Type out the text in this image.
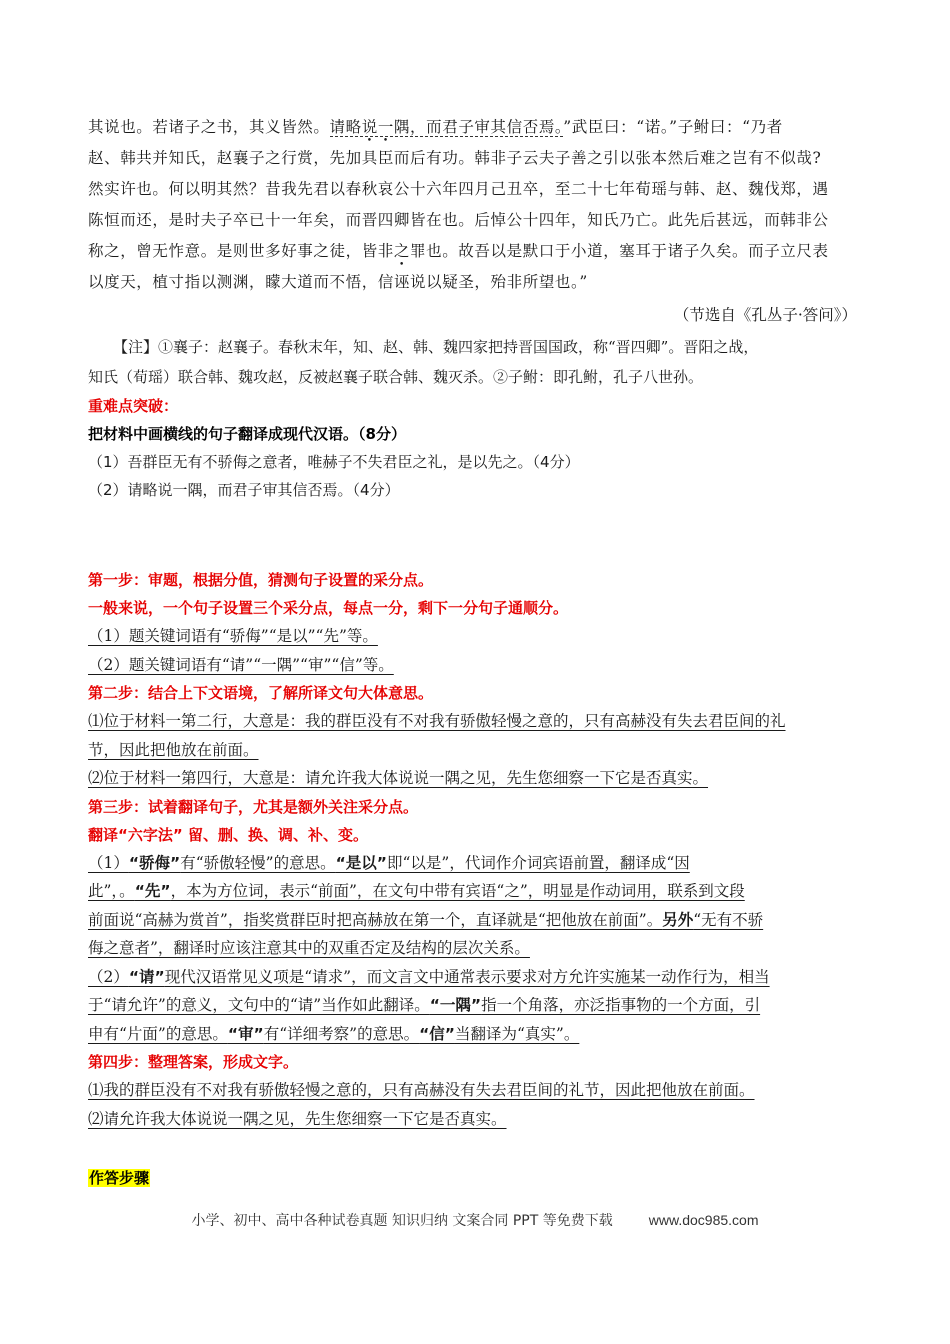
其说也。若诸子之书，其义皆然。请略说一隅，而君子审其信否焉。”武臣曰：“诺。”子鲋曰：“乃者
赵、韩共并知氏，赵襄子之行赏，先加具臣而后有功。韩非子云夫子善之引以张本然后难之岂有不似哉?
然实许也。何以明其然？昔我先君以春秋哀公十六年四月己丑卒，至二十七年荀瑶与韩、赵、魏伐郑，遇
陈恒而还，是时夫子卒已十一年矣，而晋四卿皆在也。后悼公十四年，知氏乃亡。此先后甚远，而韩非公
称之，曾无怍意。是则世多好事之徒，皆非之罪也。故吾以是默口于小道，塞耳于诸子久矣。而子立尺表
以度天，植寸指以测渊，矇大道而不悟，信诬说以疑圣，殆非所望也。”
（节选自《孔丛子·答问》）
【注】①襄子：赵襄子。春秋末年，知、赵、韩、魏四家把持晋国国政，称“晋四卿”。晋阳之战，
知氏（荀瑶）联合韩、魏攻赵，反被赵襄子联合韩、魏灭杀。②子鲋：即孔鲋，孔子八世孙。
重难点突破：
把材料中画横线的句子翻译成现代汉语。（8分）
（1）吾群臣无有不骄侮之意者，唯赫子不失君臣之礼，是以先之。（4分）
（2）请略说一隅，而君子审其信否焉。（4分）
第一步：审题，根据分值，猜测句子设置的采分点。
一般来说，一个句子设置三个采分点，每点一分，剩下一分句子通顺分。
（1）题关键词语有“骄侮”“是以”“先”等。
（2）题关键词语有“请”“一隅”“审”“信”等。
第二步：结合上下文语境，了解所译文句大体意思。
⑴位于材料一第二行，大意是：我的群臣没有不对我有骄傲轻慢之意的，只有高赫没有失去君臣间的礼
节，因此把他放在前面。
⑵位于材料一第四行，大意是：请允许我大体说说一隅之见，先生您细察一下它是否真实。
第三步：试着翻译句子，尤其是额外关注采分点。
翻译“六字法” 留、删、换、调、补、变。
（1）“骄侮”有“骄傲轻慢”的意思。“是以”即“以是”，代词作介词宾语前置，翻译成“因
此”，。“先”，本为方位词，表示“前面”，在文句中带有宾语“之”，明显是作动词用，联系到文段
前面说“高赫为赏首”，指奖赏群臣时把高赫放在第一个，直译就是“把他放在前面”。另外“无有不骄
侮之意者”，翻译时应该注意其中的双重否定及结构的层次关系。
（2）“请”现代汉语常见义项是“请求”，而文言文中通常表示要求对方允许实施某一动作行为，相当
于“请允许”的意义，文句中的“请”当作如此翻译。“一隅”指一个角落，亦泛指事物的一个方面，引
申有“片面”的意思。“审”有“详细考察”的意思。“信”当翻译为“真实”。
第四步：整理答案，形成文字。
⑴我的群臣没有不对我有骄傲轻慢之意的，只有高赫没有失去君臣间的礼节，因此把他放在前面。
⑵请允许我大体说说一隅之见，先生您细察一下它是否真实。
作答步骤
小学、初中、高中各种试卷真题 知识归纳 文案合同 PPT 等免费下载	www.doc985.com
